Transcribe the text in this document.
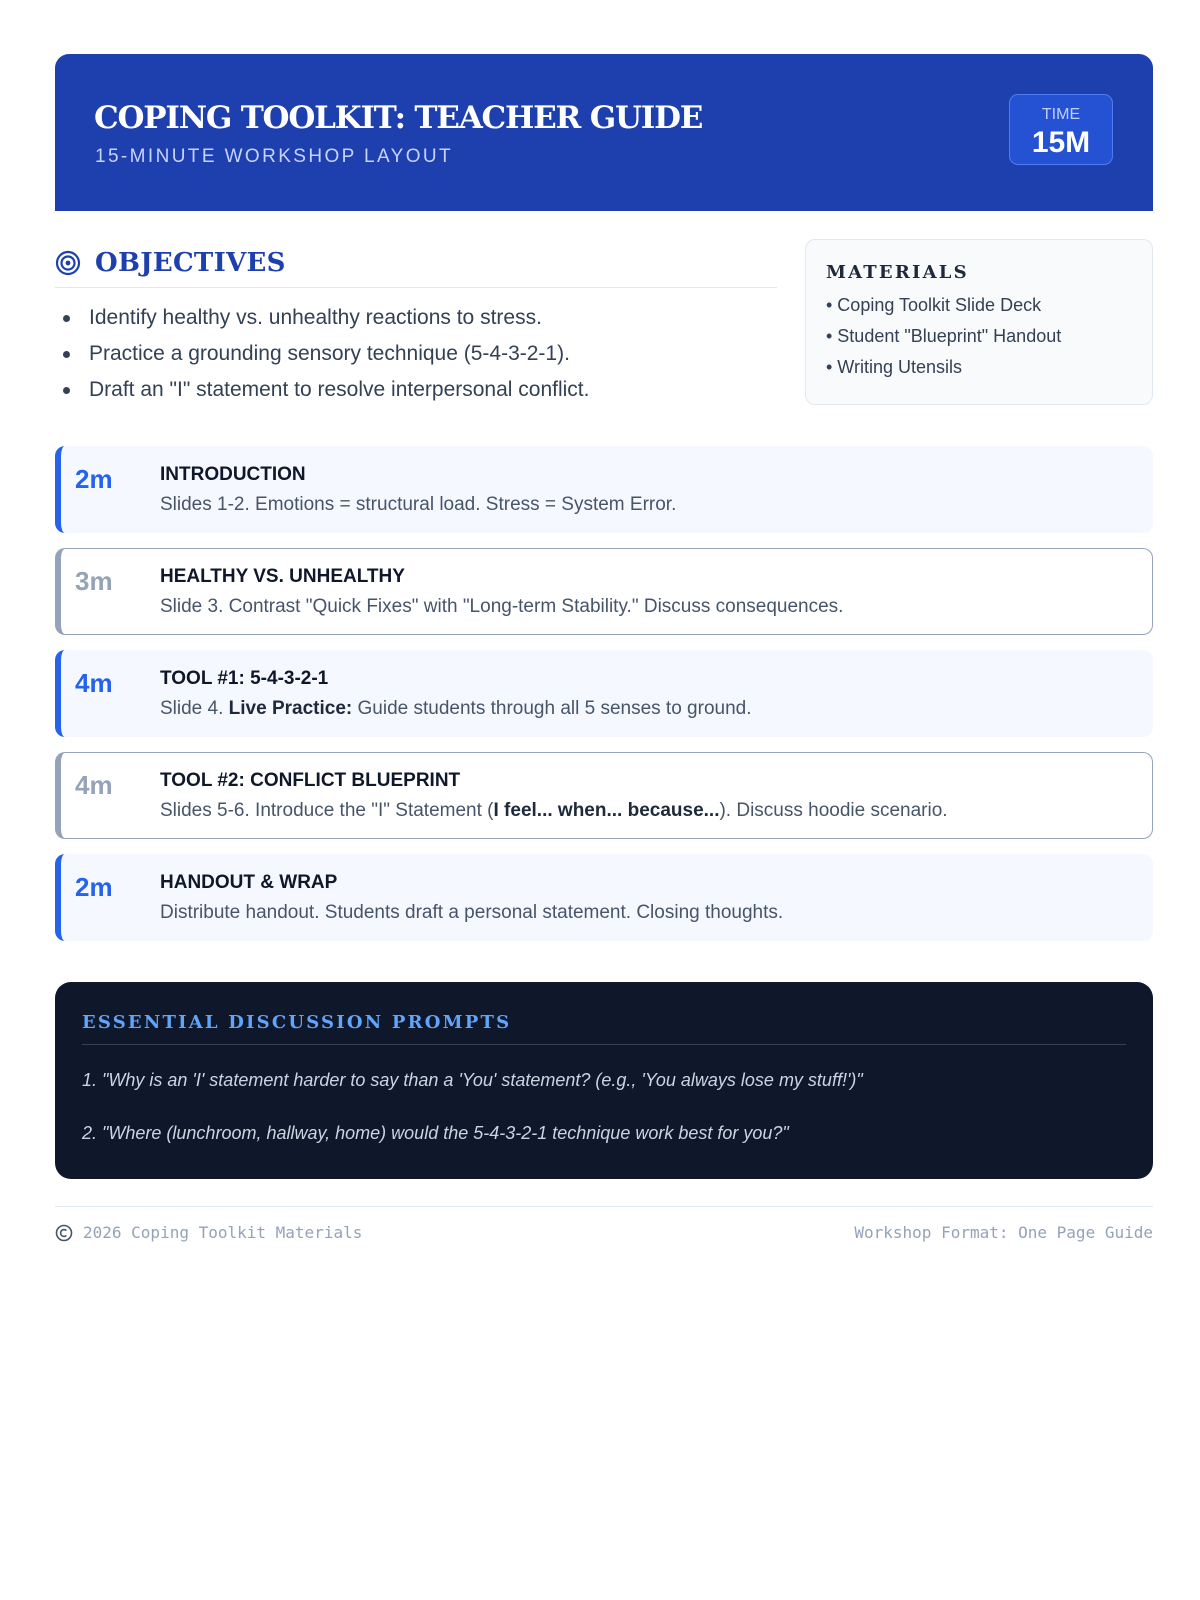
COPING TOOLKIT: TEACHER GUIDE
15-MINUTE WORKSHOP LAYOUT
TIME
15M
OBJECTIVES
Identify healthy vs. unhealthy reactions to stress.
Practice a grounding sensory technique (5-4-3-2-1).
Draft an "I" statement to resolve interpersonal conflict.
MATERIALS
• Coping Toolkit Slide Deck
• Student "Blueprint" Handout
• Writing Utensils
2m INTRODUCTION
Slides 1-2. Emotions = structural load. Stress = System Error.
3m HEALTHY VS. UNHEALTHY
Slide 3. Contrast "Quick Fixes" with "Long-term Stability." Discuss consequences.
4m TOOL #1: 5-4-3-2-1
Slide 4. Live Practice: Guide students through all 5 senses to ground.
4m TOOL #2: CONFLICT BLUEPRINT
Slides 5-6. Introduce the "I" Statement (I feel... when... because...). Discuss hoodie scenario.
2m HANDOUT & WRAP
Distribute handout. Students draft a personal statement. Closing thoughts.
ESSENTIAL DISCUSSION PROMPTS

1. "Why is an 'I' statement harder to say than a 'You' statement? (e.g., 'You always lose my stuff!')"

2. "Where (lunchroom, hallway, home) would the 5-4-3-2-1 technique work best for you?"

2026 Coping Toolkit Materials	Workshop Format: One Page Guide
